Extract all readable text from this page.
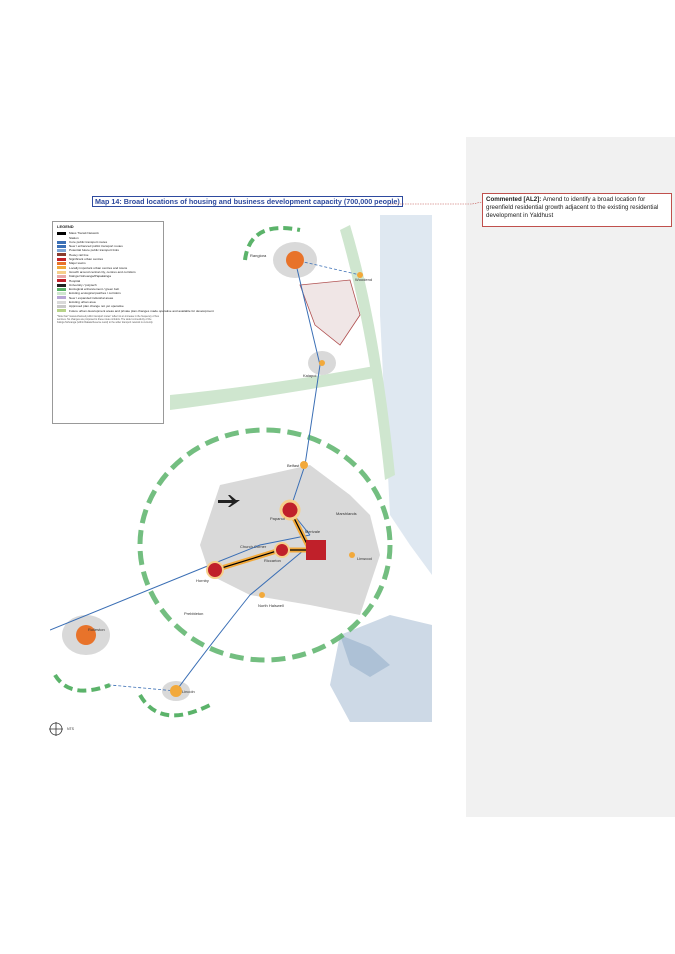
Map 14: Broad locations of housing and business development capacity (700,000 people)	Commented [AL2]: Amend to identify a broad location for greenfield residential growth adjacent to the existing residential development in Yaldhust
Rangiora
Woodend
Kaiapoi
Belfast
Papanui
Marshlands
Merivale
Church Corner
Riccarton
Hornby
Linwood
Prebbleton
North Halswell
Rolleston
Lincoln
LEGEND
Mass Transit Network
Station
Core public transport routes
New / enhanced public transport routes
Potential future public transport links
Heavy rail line
Significant urban centres
Major towns
Locally important urban centres and towns
Growth around central city, centres and corridors
Kāinga Nohoanga/Papakāinga
Hospital
University / polytech
Ecological enhancement / green belt
Existing ecological patches / corridors
New / expanded industrial areas
Existing urban area
Approved plan change not yet operative
Future urban development areas and private plan changes made operative and available for development
*Note that "mass/enhanced public transport routes" reflect to an increase in the frequency of bus services. No changes are proposed to these route corridors. The wider connectivity of the Kāinga Nohoanga (within Rakaia Reserve Land) to the wider transport network is currently.
NTS
